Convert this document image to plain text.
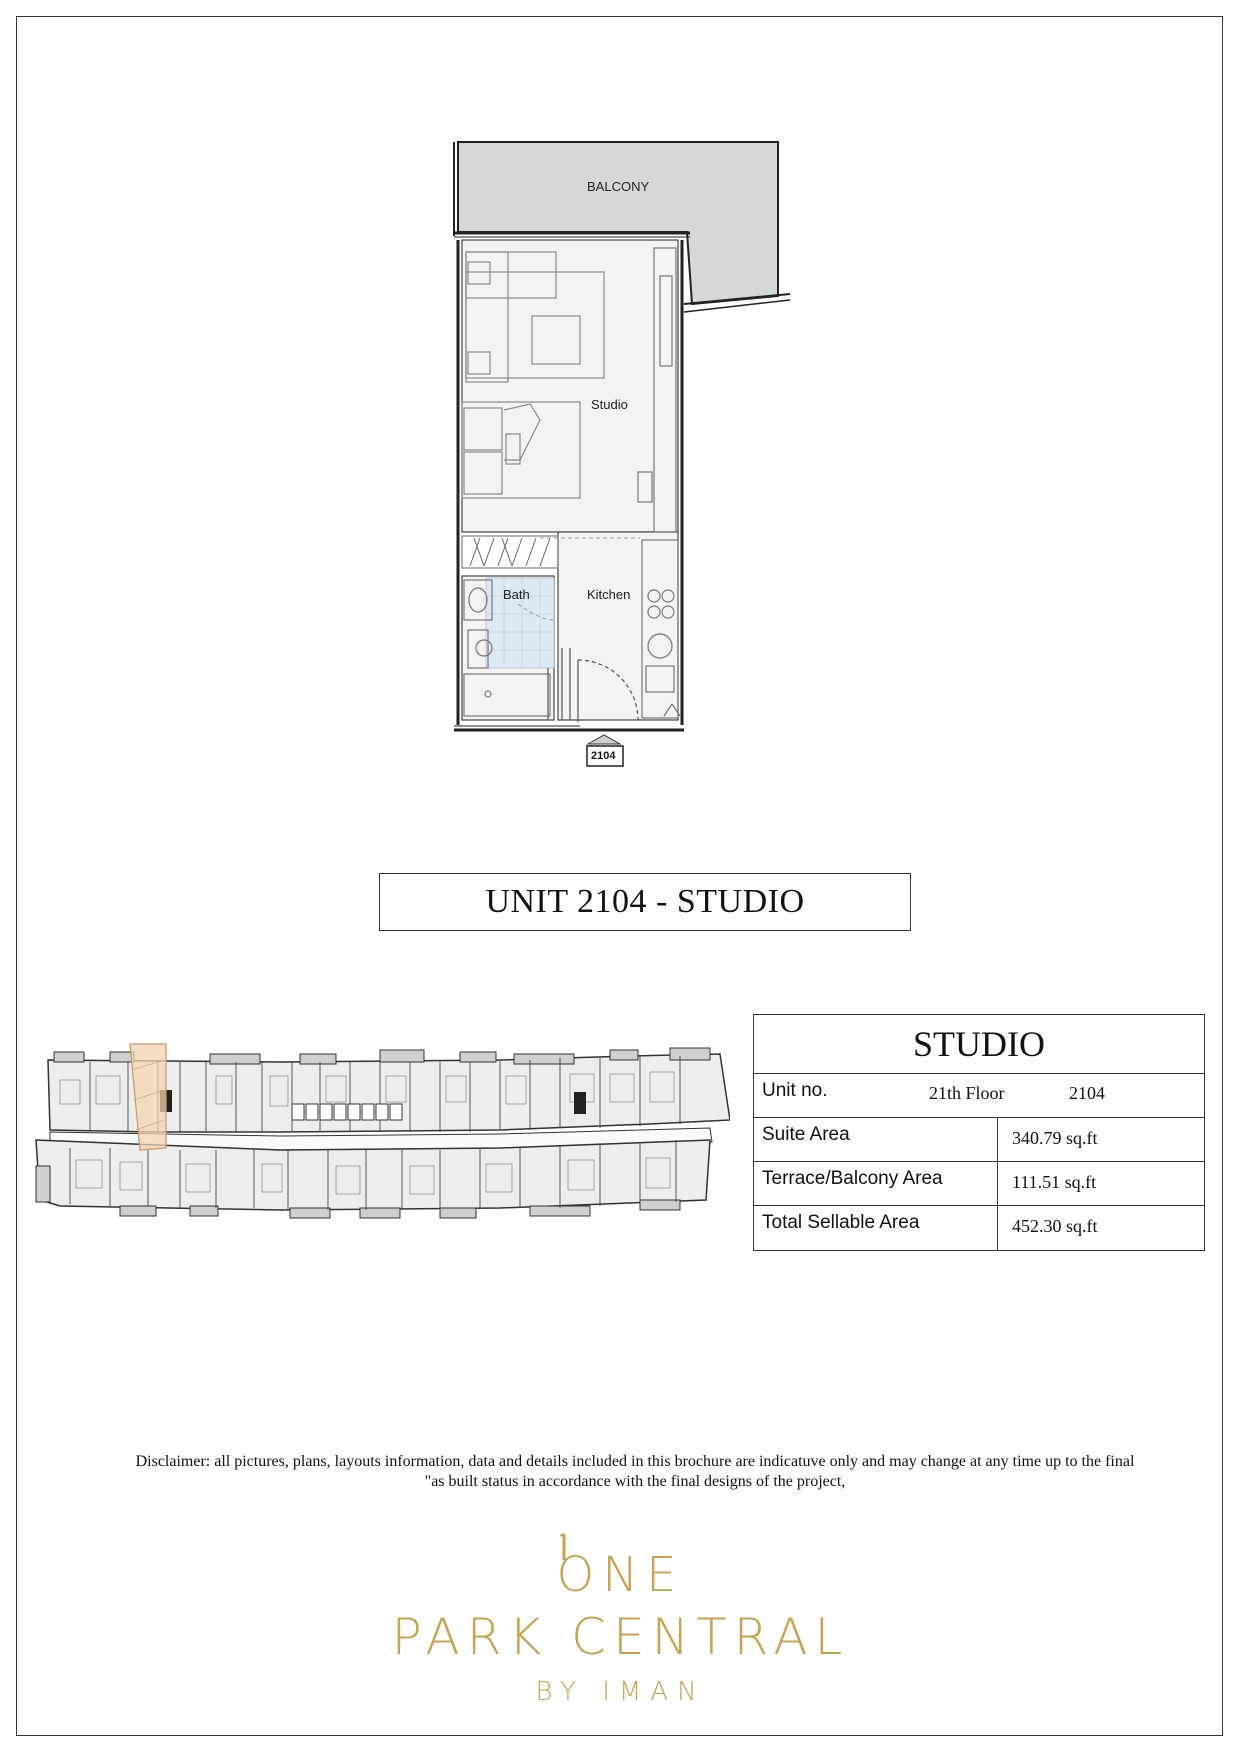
BALCONY
Studio
Bath	Kitchen
2104
UNIT 2104 - STUDIO
STUDIO
Unit no.	21th Floor	2104
Suite Area	340.79 sq.ft
Terrace/Balcony Area	111.51 sq.ft
Total Sellable Area	452.30 sq.ft
Disclaimer: all pictures, plans, layouts information, data and details included in this brochure are indicatuve only and may change at any time up to the final
"as built status in accordance with the final designs of the project,
ONE
PARK CENTRAL
BY IMAN
